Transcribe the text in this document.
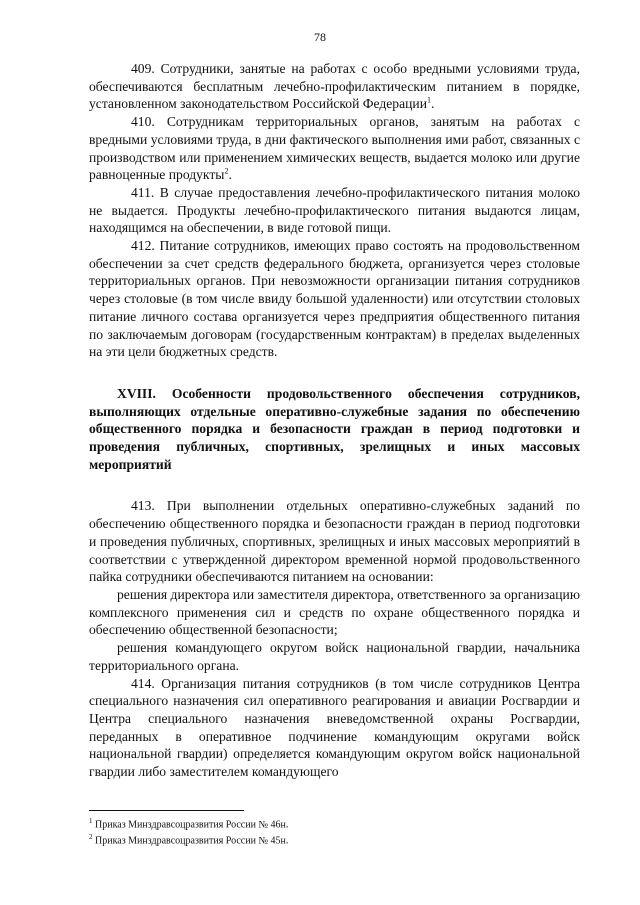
78

409. Сотрудники, занятые на работах с особо вредными условиями труда, обеспечиваются бесплатным лечебно-профилактическим питанием в порядке, установленном законодательством Российской Федерации$^1$.

410. Сотрудникам территориальных органов, занятым на работах с вредными условиями труда, в дни фактического выполнения ими работ, связанных с производством или применением химических веществ, выдается молоко или другие равноценные продукты$^2$.

411. В случае предоставления лечебно-профилактического питания молоко не выдается. Продукты лечебно-профилактического питания выдаются лицам, находящимся на обеспечении, в виде готовой пищи.

412. Питание сотрудников, имеющих право состоять на продовольственном обеспечении за счет средств федерального бюджета, организуется через столовые территориальных органов. При невозможности организации питания сотрудников через столовые (в том числе ввиду большой удаленности) или отсутствии столовых питание личного состава организуется через предприятия общественного питания по заключаемым договорам (государственным контрактам) в пределах выделенных на эти цели бюджетных средств.

XVIII. Особенности продовольственного обеспечения сотрудников, выполняющих отдельные оперативно-служебные задания по обеспечению общественного порядка и безопасности граждан в период подготовки и проведения публичных, спортивных, зрелищных и иных массовых мероприятий

413. При выполнении отдельных оперативно-служебных заданий по обеспечению общественного порядка и безопасности граждан в период подготовки и проведения публичных, спортивных, зрелищных и иных массовых мероприятий в соответствии с утвержденной директором временной нормой продовольственного пайка сотрудники обеспечиваются питанием на основании:

решения директора или заместителя директора, ответственного за организацию комплексного применения сил и средств по охране общественного порядка и обеспечению общественной безопасности;

решения командующего округом войск национальной гвардии, начальника территориального органа.

414. Организация питания сотрудников (в том числе сотрудников Центра специального назначения сил оперативного реагирования и авиации Росгвардии и Центра специального назначения вневедомственной охраны Росгвардии, переданных в оперативное подчинение командующим округами войск национальной гвардии) определяется командующим округом войск национальной гвардии либо заместителем командующего

$^1$ Приказ Минздравсоцразвития России № 46н.
$^2$ Приказ Минздравсоцразвития России № 45н.
